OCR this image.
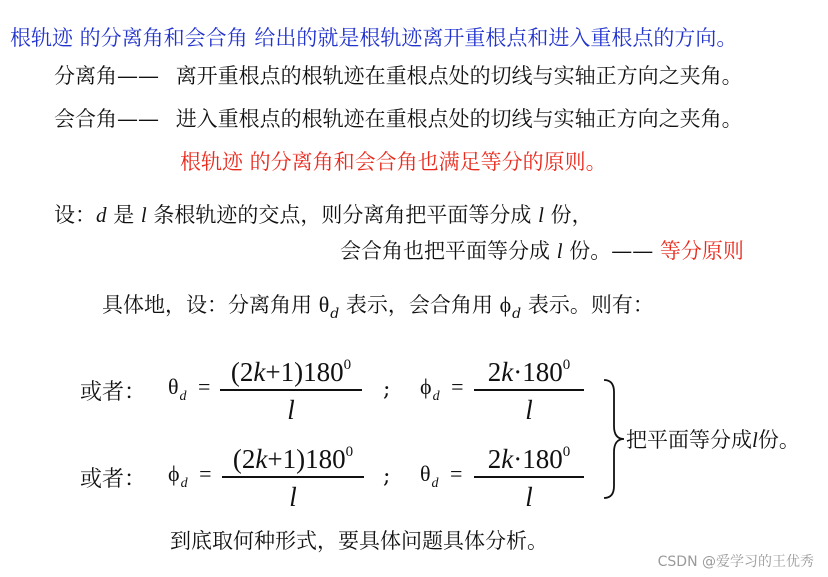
根轨迹 的分离角和会合角 给出的就是根轨迹离开重根点和进入重根点的方向。
分离角—— 离开重根点的根轨迹在重根点处的切线与实轴正方向之夹角。
会合角—— 进入重根点的根轨迹在重根点处的切线与实轴正方向之夹角。
根轨迹 的分离角和会合角也满足等分的原则。
设：d 是 l 条根轨迹的交点，则分离角把平面等分成 l 份，
会合角也把平面等分成 l 份。—— 等分原则
具体地，设：分离角用 $\theta_d$ 表示，会合角用 $\phi_d$ 表示。则有：
或者： $\theta_d = (2k+1)180^0$
l
; $\phi_d = 2k\cdot 180^0$
l
或者： $\phi_d = (2k+1)180^0$
l
; $\theta_d = 2k\cdot 180^0$
l
把平面等分成l份。
到底取何种形式，要具体问题具体分析。
CSDN @爱学习的王优秀
